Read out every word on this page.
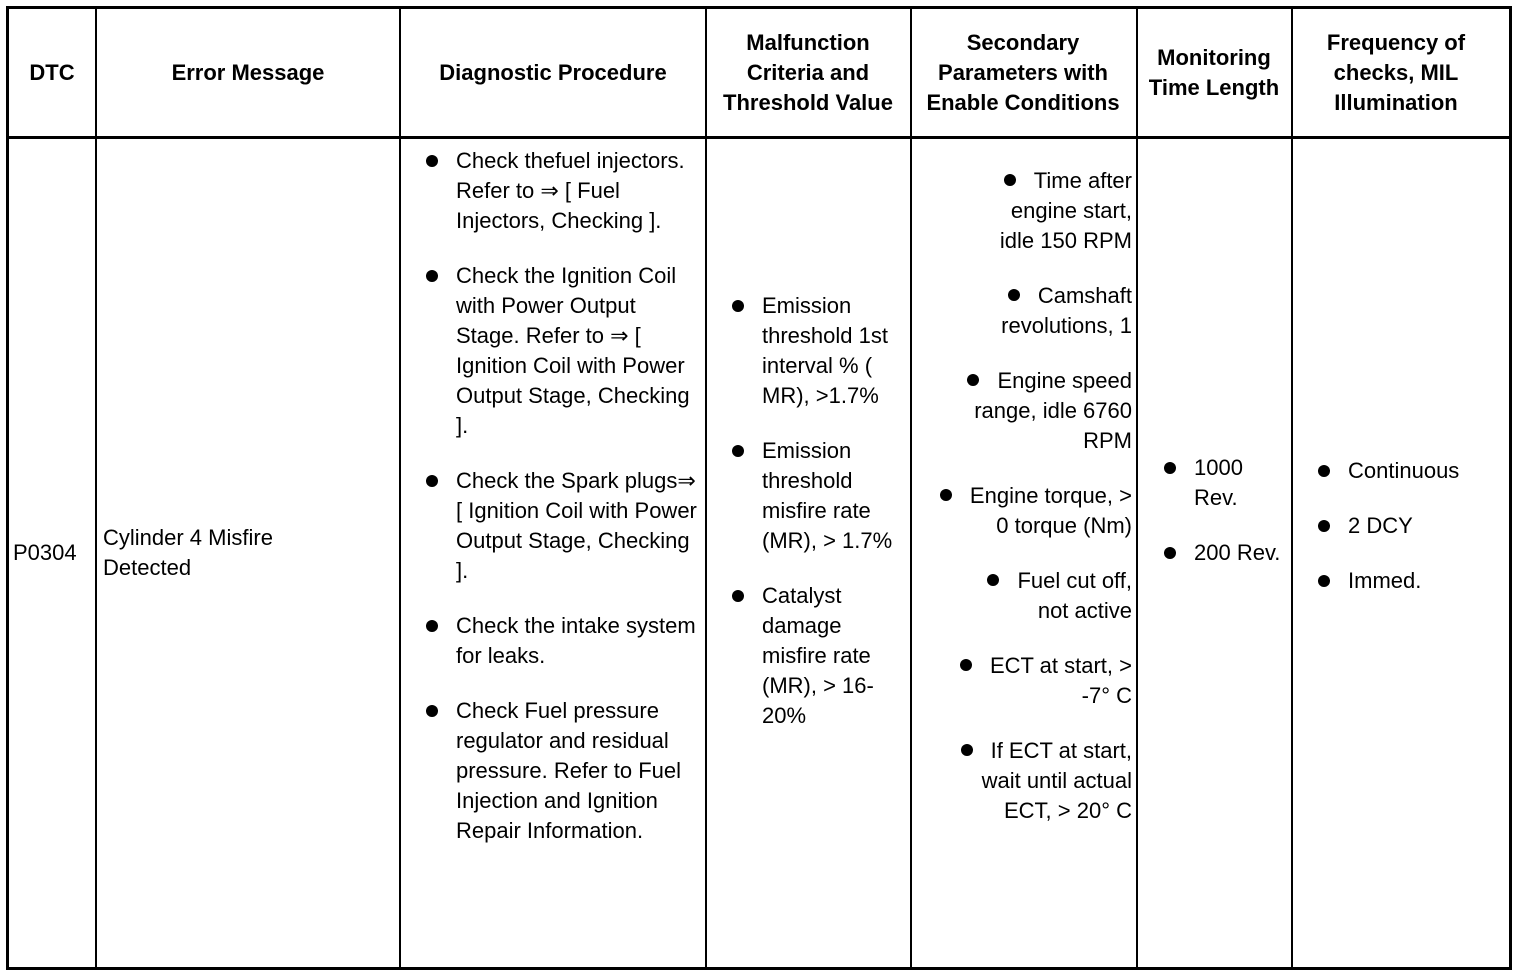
DTC	Error Message	Diagnostic Procedure
Malfunction Criteria and Threshold Value
Secondary Parameters with Enable Conditions
Monitoring Time Length
Frequency of checks, MIL Illumination
P0304
Cylinder 4 Misfire Detected
Check thefuel injectors. Refer to ⇒ [ Fuel Injectors, Checking ].
Check the Ignition Coil with Power Output Stage. Refer to ⇒ [ Ignition Coil with Power Output Stage, Checking ].
Check the Spark plugs⇒ [ Ignition Coil with Power Output Stage, Checking ].
Check the intake system for leaks.
Check Fuel pressure regulator and residual pressure. Refer to Fuel Injection and Ignition Repair Information.
Emission threshold 1st interval % ( MR), >1.7%
Emission threshold misfire rate (MR), > 1.7%
Catalyst damage misfire rate (MR), > 16-20%
Time after engine start, idle 150 RPM
Camshaft revolutions, 1
Engine speed range, idle 6760 RPM
Engine torque, > 0 torque (Nm)
Fuel cut off, not active
ECT at start, > -7° C
If ECT at start, wait until actual ECT, > 20° C
1000 Rev.
200 Rev.
Continuous
2 DCY
Immed.
